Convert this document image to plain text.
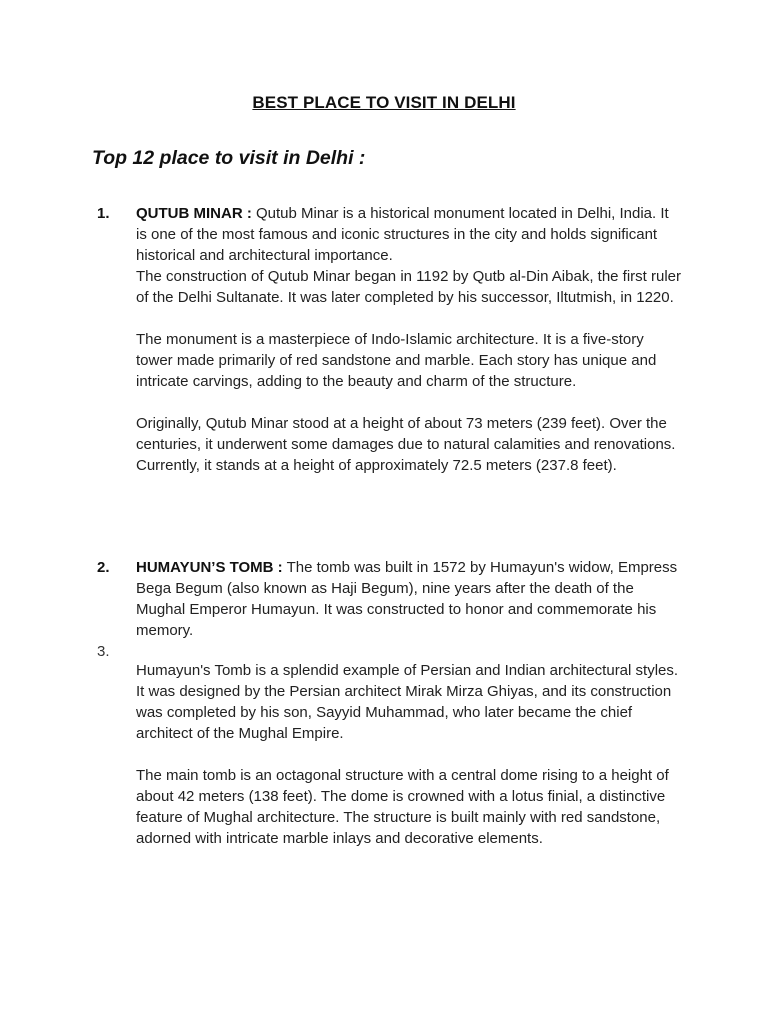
BEST PLACE TO VISIT IN DELHI
Top 12 place to visit in Delhi :
1. QUTUB MINAR : Qutub Minar is a historical monument located in Delhi, India. It is one of the most famous and iconic structures in the city and holds significant historical and architectural importance.

The construction of Qutub Minar began in 1192 by Qutb al-Din Aibak, the first ruler of the Delhi Sultanate. It was later completed by his successor, Iltutmish, in 1220.

The monument is a masterpiece of Indo-Islamic architecture. It is a five-story tower made primarily of red sandstone and marble. Each story has unique and intricate carvings, adding to the beauty and charm of the structure.

Originally, Qutub Minar stood at a height of about 73 meters (239 feet). Over the centuries, it underwent some damages due to natural calamities and renovations. Currently, it stands at a height of approximately 72.5 meters (237.8 feet).

2. HUMAYUN’S TOMB : The tomb was built in 1572 by Humayun's widow, Empress Bega Begum (also known as Haji Begum), nine years after the death of the Mughal Emperor Humayun. It was constructed to honor and commemorate his memory.

3.

Humayun's Tomb is a splendid example of Persian and Indian architectural styles. It was designed by the Persian architect Mirak Mirza Ghiyas, and its construction was completed by his son, Sayyid Muhammad, who later became the chief architect of the Mughal Empire.

The main tomb is an octagonal structure with a central dome rising to a height of about 42 meters (138 feet). The dome is crowned with a lotus finial, a distinctive feature of Mughal architecture. The structure is built mainly with red sandstone, adorned with intricate marble inlays and decorative elements.
